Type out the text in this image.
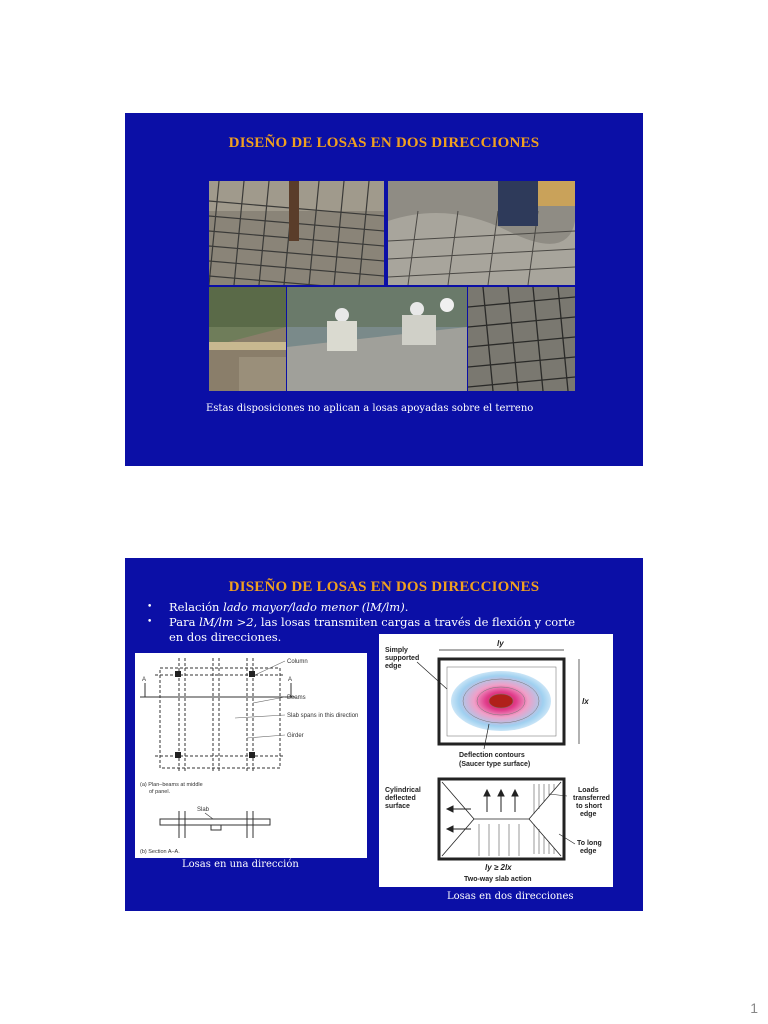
DISEÑO DE LOSAS EN DOS DIRECCIONES
Estas disposiciones no aplican a losas apoyadas sobre el terreno
DISEÑO DE LOSAS EN DOS DIRECCIONES
• Relación lado mayor/lado menor (lM/lm).
• Para lM/lm >2, las losas transmiten cargas a través de flexión y corte
en dos direcciones.
Column
Beams
Slab spans in this direction
Girder
A	A
(a) Plan–beams at middle
of panel.
Slab
(b) Section A–A.
Losas en una dirección
ly
lx
Simply
supported
edge
Deflection contours
(Saucer type surface)
Cylindrical
deflected
surface
Loads
transferred
to short
edge
To long
edge
ly ≥ 2lx
Two-way slab action
Losas en dos direcciones
1
